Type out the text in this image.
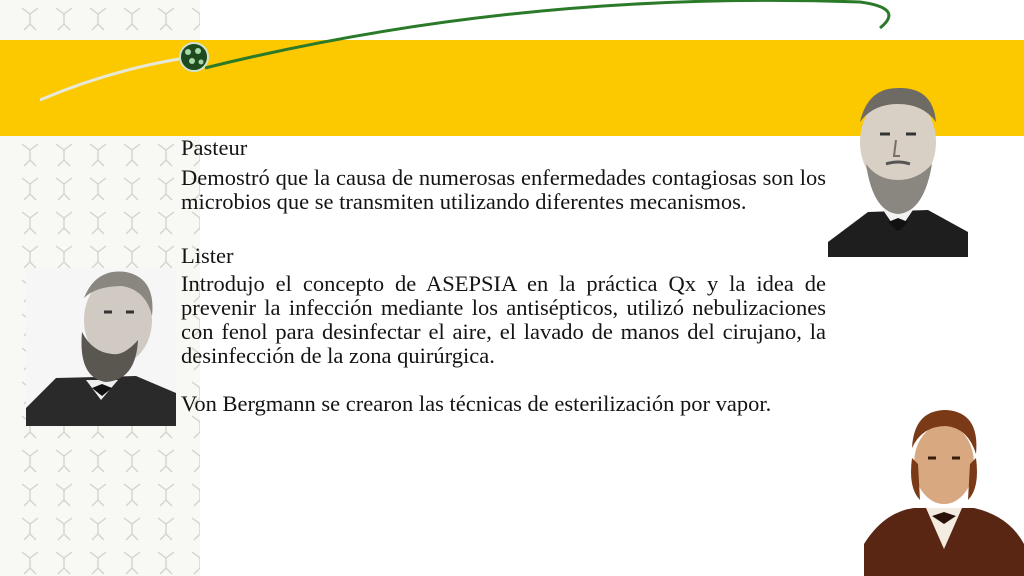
Pasteur

Demostró que la causa de numerosas enfermedades contagiosas son los microbios que se transmiten utilizando diferentes mecanismos.

Lister

Introdujo el concepto de ASEPSIA en la práctica Qx y la idea de prevenir la infección mediante los antisépticos, utilizó nebulizaciones con fenol para desinfectar el aire, el lavado de manos del cirujano, la desinfección de la zona quirúrgica.

Von Bergmann se crearon las técnicas de esterilización por vapor.
